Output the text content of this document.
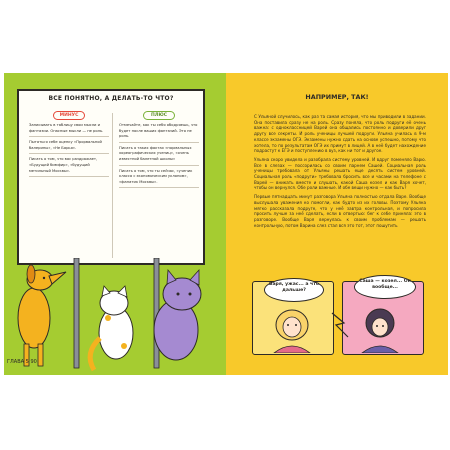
ВСЕ ПОНЯТНО, А ДЕЛАТЬ-ТО ЧТО?
МИНУС

Записывать в таблицу свои мысли и фантазии. Опасные мысли — не роль.

Пытаться себе оценку «Прорвальной балерины», «Не Барья».

Писать о том, что вас раздражает, «Будущий бимфир», «будущий метильный Москвы».

ПЛЮС

Отмечайте, как ты себя ободряешь, что будет после ваших фантазий. Это не роль.

Писать о таких фактах «нормальных хореографических учениц», «очень известной балетной школы»

Писать о том, что ты сейчас, «ученик класса с экономическим уклоном», «фанатик Москвы».

ГЛАВА 5 90
НАПРИМЕР, ТАК!

С Ульяной случилось, как раз та самая история, что мы приводили в задании. Она поставила сразу не на роль. Сразу поняла, что роль подруги её очень важна: с одноклассницей Варей она общались постоянно и доверили друг другу все секреты. И роль ученицы лучшей подруги. Ульяна училась в 9-м классе экзамены ОГЭ. Экзамены нужно сдать на основе успешно, потому что хотела, то по результатам ОГЭ их примут в лицей. А в неё будет нахождение подрастут к ЕГЭ и поступлению в вуз, как ни тот и другое.

Ульяна скоро увидела и разобрала систему уровней. И вдруг поменяло Варю. Все в слезах — поссорилась со своим парнем Сашей. Социальная роль ученицы требовала от Ульяны решать еще десять систем уровней. Социальная роль «подруги» требовала бросить все и часами на телефоне с Варей — вникать вместе и слушать, какой Саша козел и как Варя хочет, чтобы он вернулся. Обе роли важные. И обе вещи нужно — как быть?

Первые пятнадцать минут разговора Ульяна полностью отдала Варе. Вообще выслушала уважения ко помогли, как будто из их головы. Поэтому Ульяна мягко рассказала подруге, что у неё завтра контрольная, и попросила просить лучше за неё сделать, если в отвертью: бег к себе приняла: это в разговоре. Вообще Варя вернулась к своим проблемам — решать контрольную, потом Варина слез стал вся это тот, этот пошутить

Варя, ужас... а что дальше?
Саша — козел... Он вообще...
